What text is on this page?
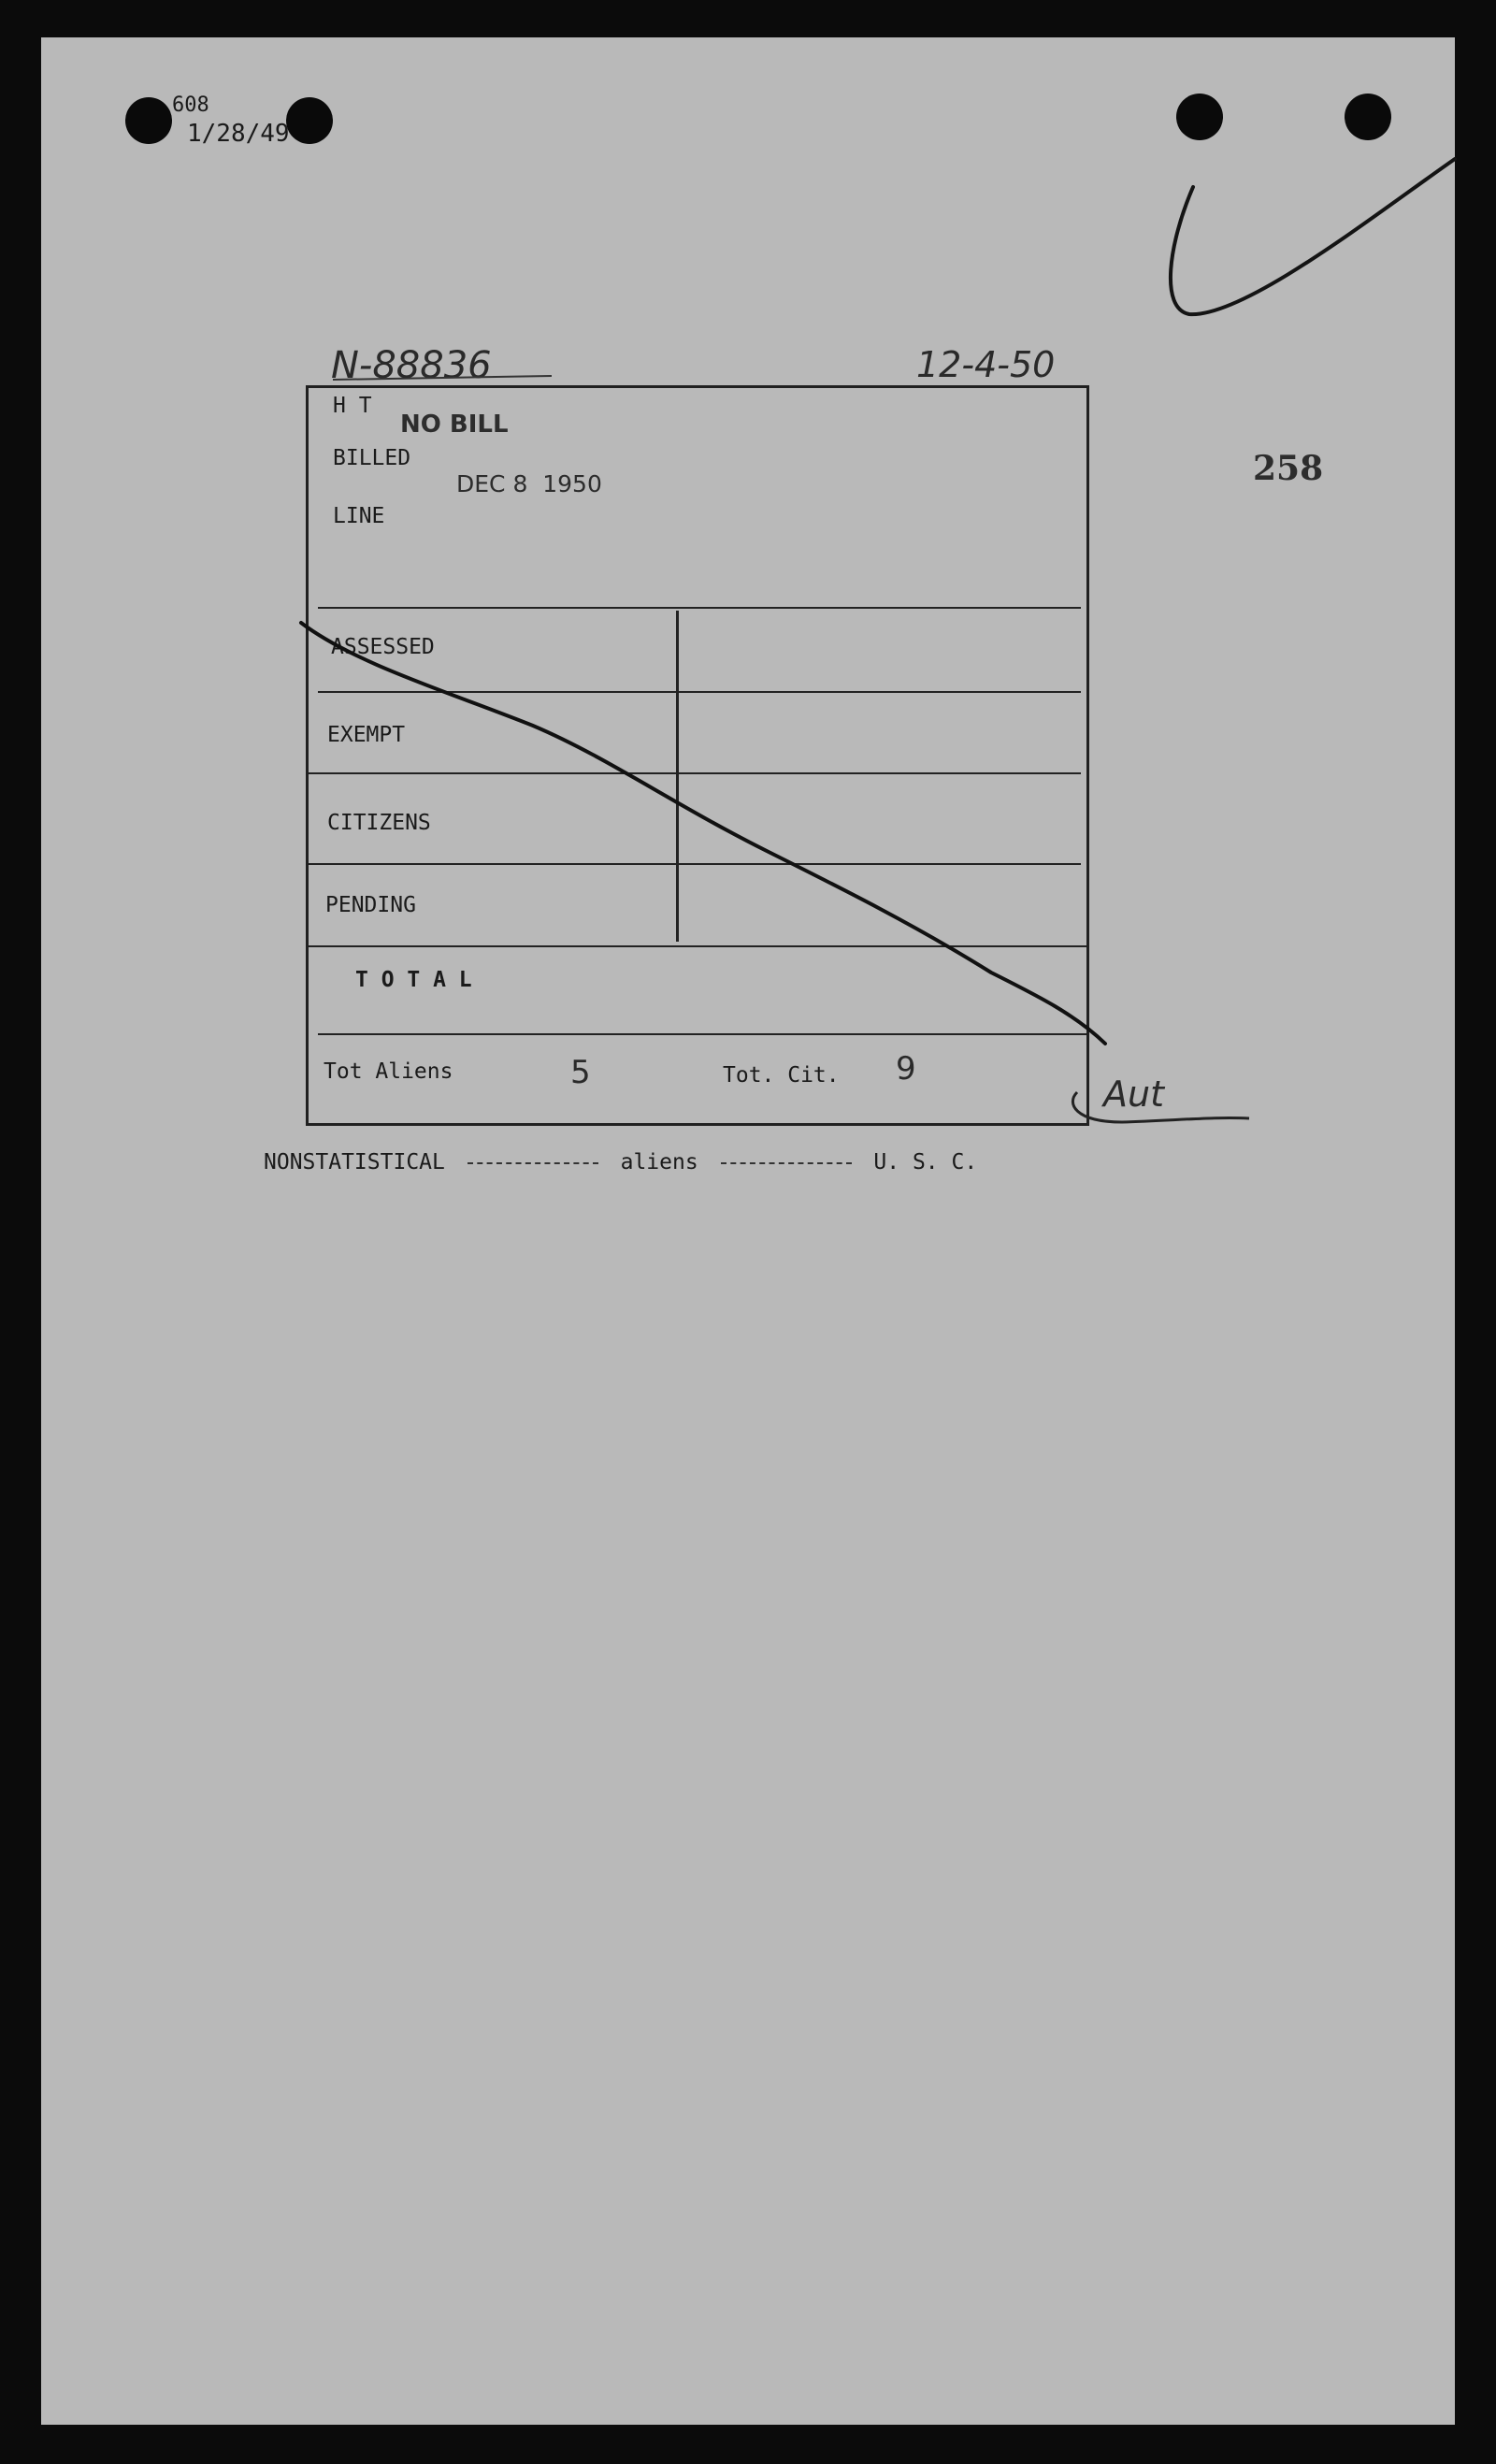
608
1/28/49
N-88836	12-4-50
258
H T
NO BILL
BILLED
DEC 8  1950
LINE
ASSESSED
EXEMPT
CITIZENS
PENDING
T O T A L
Tot Aliens	5	Tot. Cit. 9
Aut
NONSTATISTICAL	aliens	U. S. C.
